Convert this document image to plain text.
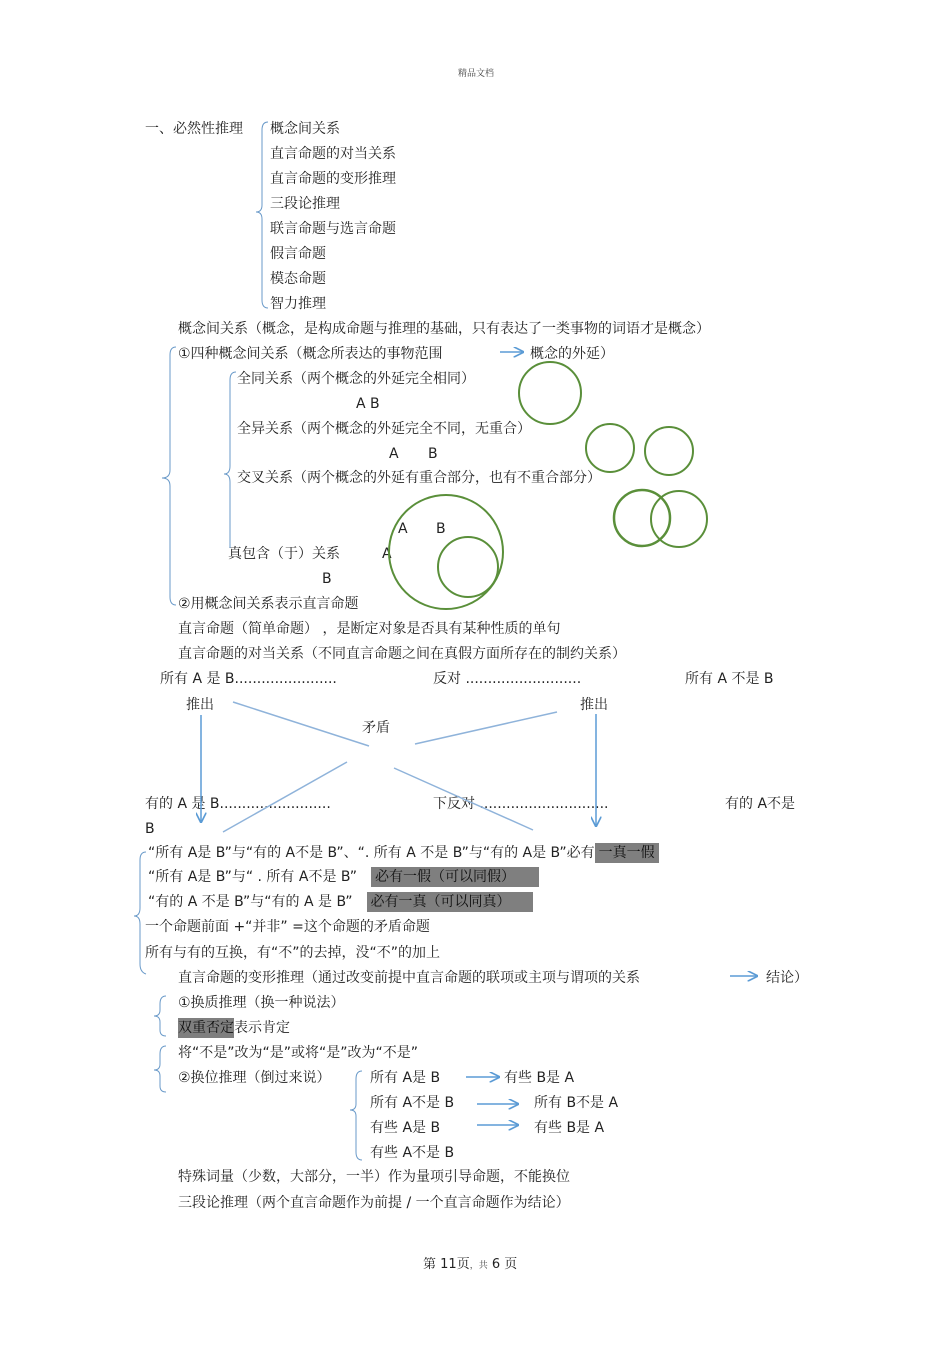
精品文档
一、必然性推理 概念间关系
直言命题的对当关系
直言命题的变形推理
三段论推理
联言命题与选言命题
假言命题
模态命题
智力推理
概念间关系（概念，是构成命题与推理的基础，只有表达了一类事物的词语才是概念）
①四种概念间关系（概念所表达的事物范围	概念的外延）
全同关系（两个概念的外延完全相同）
A B
全异关系（两个概念的外延完全不同，无重合）
A B
交叉关系（两个概念的外延有重合部分，也有不重合部分）
A B
真包含（于）关系	A
B
②用概念间关系表示直言命题
直言命题（简单命题） ，是断定对象是否具有某种性质的单句
直言命题的对当关系（不同直言命题之间在真假方面所存在的制约关系）
所有 A 是 B.......................	反对 ..........................	所有 A 不是 B
推出	推出
矛盾
有的 A 是 B.........................	下反对 .............................	有的 A不是
B
“所有 A是 B”与“有的 A不是 B”、“. 所有 A 不是 B”与“有的 A是 B”必有 一真一假
“所有 A是 B”与“ . 所有 A不是 B” 必有一假（可以同假）
“有的 A 不是 B”与“有的 A 是 B” 必有一真（可以同真）
一个命题前面 +“并非” =这个命题的矛盾命题
所有与有的互换，有“不”的去掉，没“不”的加上
直言命题的变形推理（通过改变前提中直言命题的联项或主项与谓项的关系	结论）
①换质推理（换一种说法）
双重否定表示肯定
将“不是”改为“是”或将“是”改为“不是”
②换位推理（倒过来说）	所有 A是 B	有些 B是 A
所有 A不是 B	所有 B不是 A
有些 A是 B	有些 B是 A
有些 A不是 B
特殊词量（少数，大部分，一半）作为量项引导命题，不能换位
三段论推理（两个直言命题作为前提 / 一个直言命题作为结论）
第 11页，共 6 页
